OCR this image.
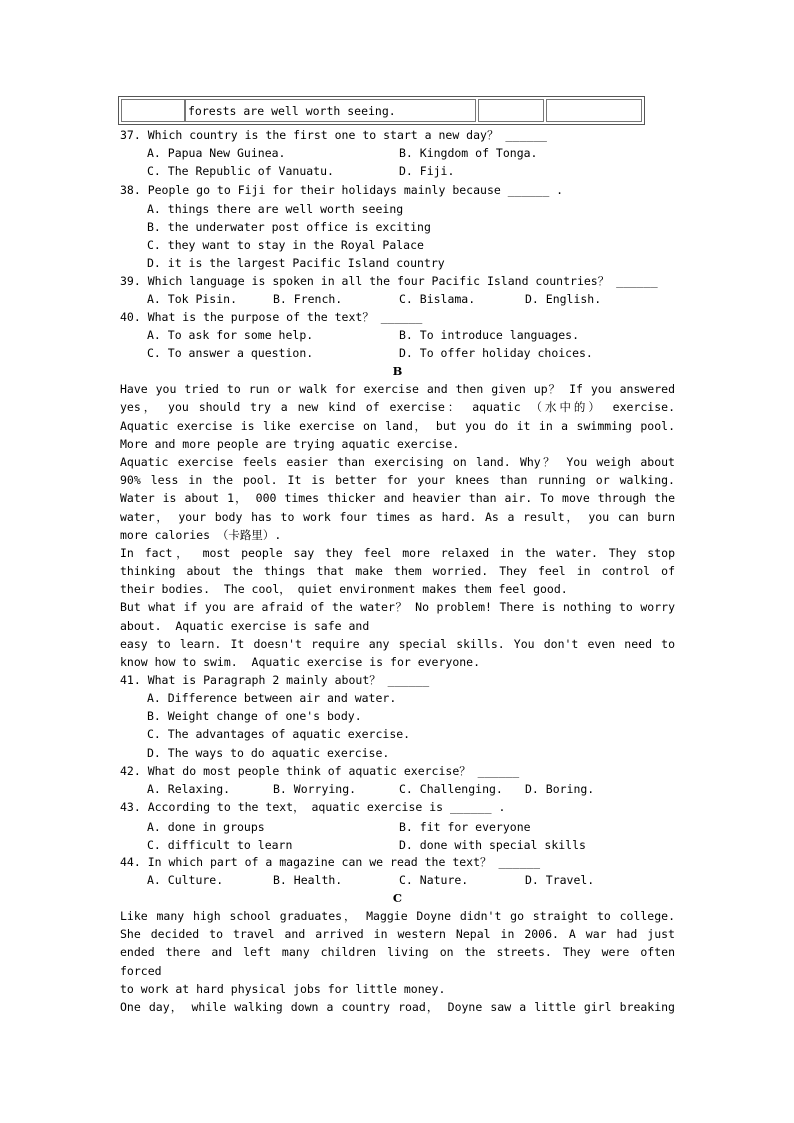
forests are well worth seeing.
37. Which country is the first one to start a new day？ ______
A. Papua New Guinea.	B. Kingdom of Tonga.
C. The Republic of Vanuatu.	D. Fiji.
38. People go to Fiji for their holidays mainly because ______ .
A. things there are well worth seeing
B. the underwater post office is exciting
C. they want to stay in the Royal Palace
D. it is the largest Pacific Island country
39. Which language is spoken in all the four Pacific Island countries？ ______
A. Tok Pisin.	B. French.	C. Bislama.	D. English.
40. What is the purpose of the text？ ______
A. To ask for some help.	B. To introduce languages.
C. To answer a question.	D. To offer holiday choices.
B
Have you tried to run or walk for exercise and then given up？ If you answered
yes， you should try a new kind of exercise： aquatic （水中的） exercise.
Aquatic exercise is like exercise on land， but you do it in a swimming pool.
More and more people are trying aquatic exercise.
Aquatic exercise feels easier than exercising on land. Why？ You weigh about
90% less in the pool. It is better for your knees than running or walking.
Water is about 1， 000 times thicker and heavier than air. To move through the
water， your body has to work four times as hard. As a result， you can burn
more calories （卡路里）.
In fact， most people say they feel more relaxed in the water. They stop
thinking about the things that make them worried. They feel in control of
their bodies.  The cool， quiet environment makes them feel good.
But what if you are afraid of the water？ No problem! There is nothing to worry
about.  Aquatic exercise is safe and
easy to learn. It doesn't require any special skills. You don't even need to
know how to swim.  Aquatic exercise is for everyone.
41. What is Paragraph 2 mainly about？ ______
A. Difference between air and water.
B. Weight change of one's body.
C. The advantages of aquatic exercise.
D. The ways to do aquatic exercise.
42. What do most people think of aquatic exercise？ ______
A. Relaxing.	B. Worrying.	C. Challenging. D. Boring.
43. According to the text， aquatic exercise is ______ .
A. done in groups	B. fit for everyone
C. difficult to learn	D. done with special skills
44. In which part of a magazine can we read the text？ ______
A. Culture.	B. Health.	C. Nature.	D. Travel.
C
Like many high school graduates， Maggie Doyne didn't go straight to college.
She decided to travel and arrived in western Nepal in 2006. A war had just
ended there and left many children living on the streets. They were often
forced
to work at hard physical jobs for little money.
One day， while walking down a country road， Doyne saw a little girl breaking
